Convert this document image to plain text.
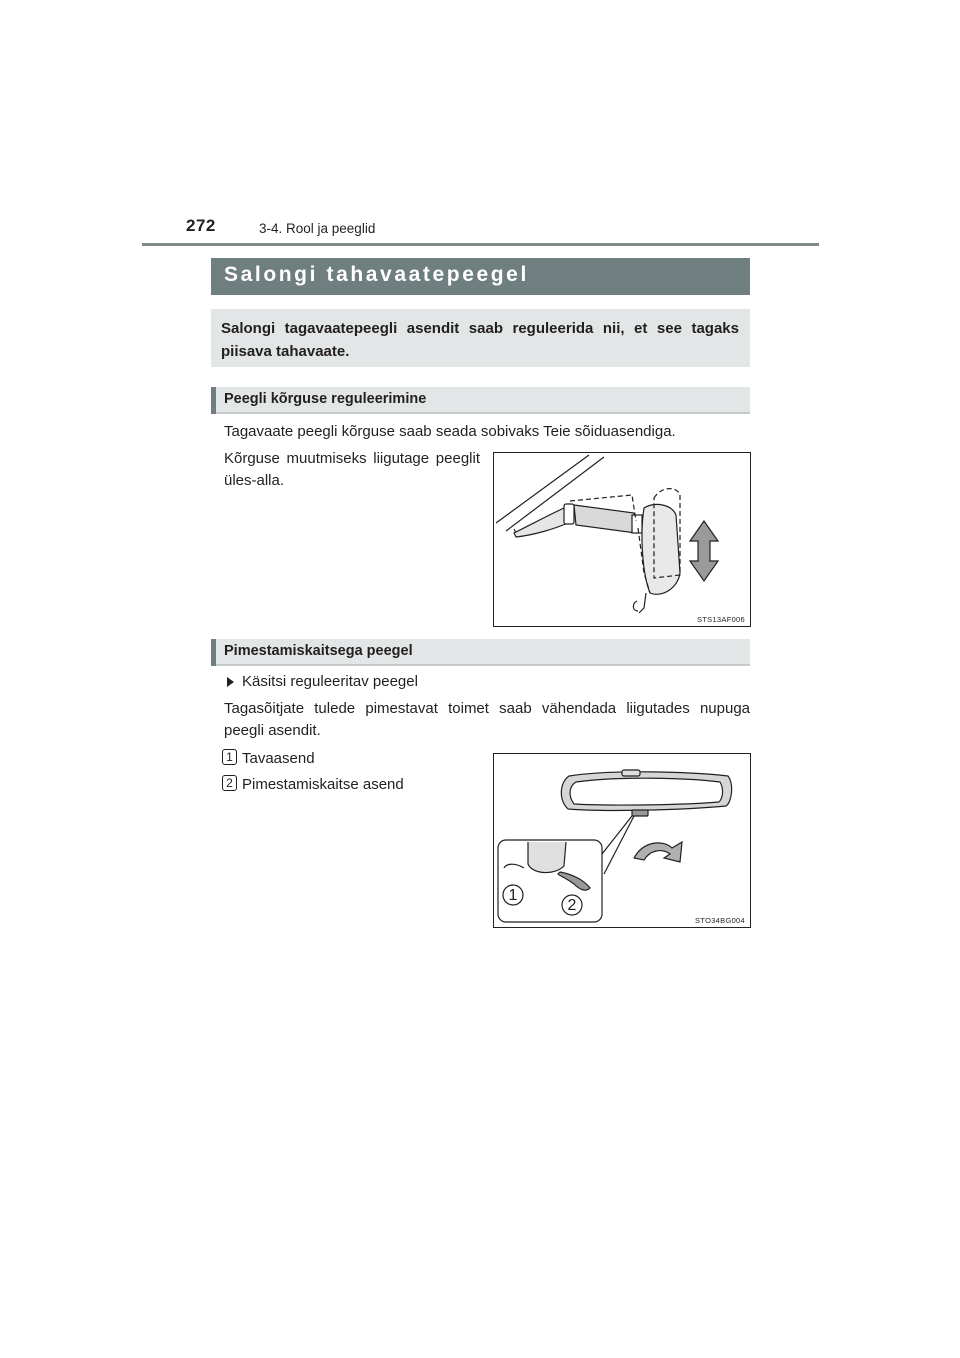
272	3-4. Rool ja peeglid
Salongi tahavaatepeegel

Salongi tagavaatepeegli asendit saab reguleerida nii, et see tagaks piisava tahavaate.

Peegli kõrguse reguleerimine
Tagavaate peegli kõrguse saab seada sobivaks Teie sõiduasendiga.
Kõrguse muutmiseks liigutage peeglit üles-alla.
STS13AF006
Pimestamiskaitsega peegel
Käsitsi reguleeritav peegel
Tagasõitjate tulede pimestavat toimet saab vähendada liigutades nupuga peegli asendit.
1 Tavaasend
2 Pimestamiskaitse asend
1
2
STO34BG004
